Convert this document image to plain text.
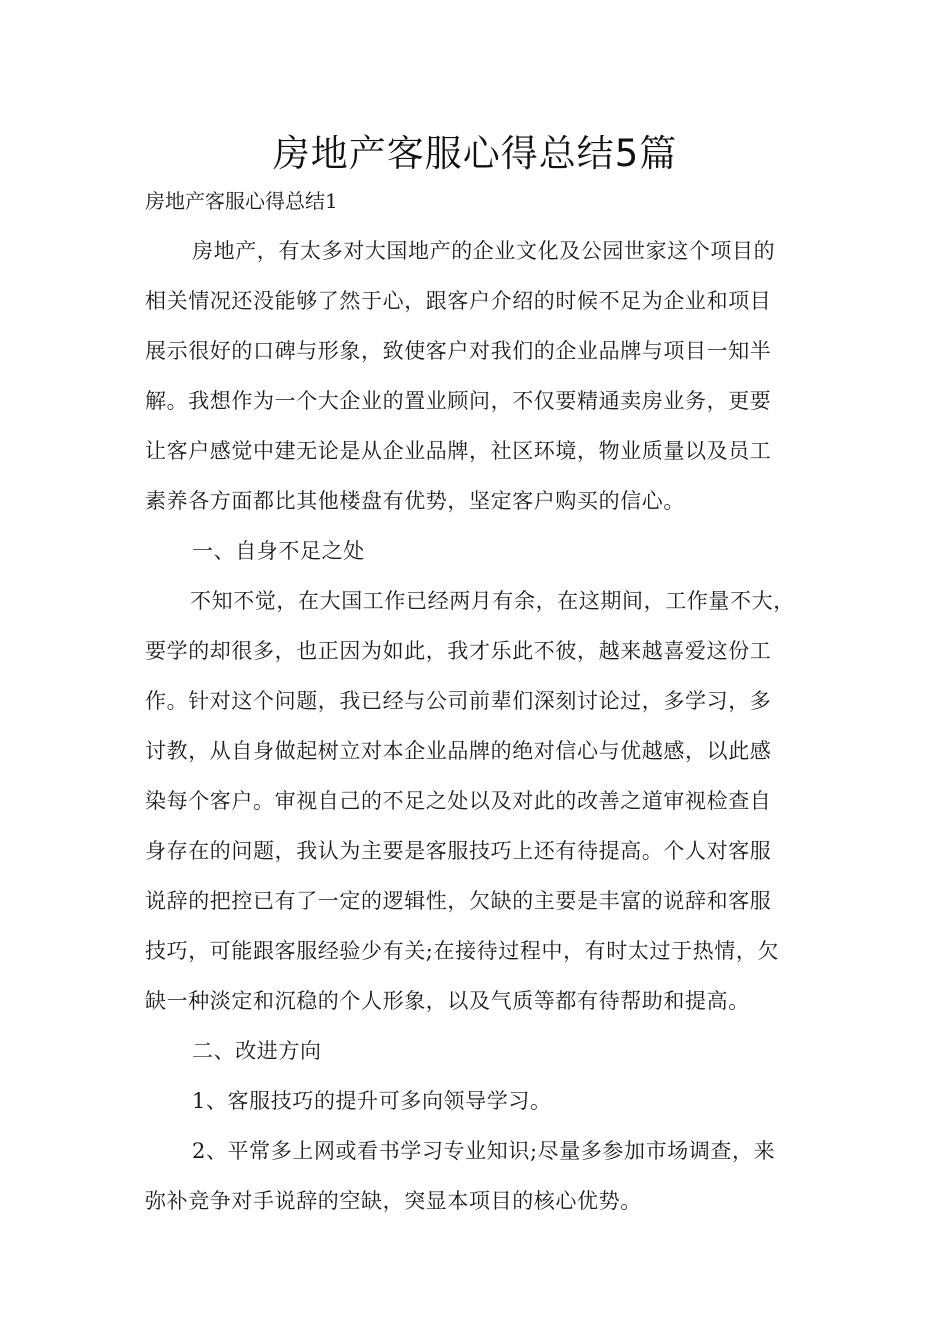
房地产客服心得总结5篇
房地产客服心得总结1
房地产，有太多对大国地产的企业文化及公园世家这个项目的
相关情况还没能够了然于心，跟客户介绍的时候不足为企业和项目
展示很好的口碑与形象，致使客户对我们的企业品牌与项目一知半
解。我想作为一个大企业的置业顾问，不仅要精通卖房业务，更要
让客户感觉中建无论是从企业品牌，社区环境，物业质量以及员工
素养各方面都比其他楼盘有优势，坚定客户购买的信心。
一、自身不足之处
不知不觉，在大国工作已经两月有余，在这期间，工作量不大，
要学的却很多，也正因为如此，我才乐此不彼，越来越喜爱这份工
作。针对这个问题，我已经与公司前辈们深刻讨论过，多学习，多
讨教，从自身做起树立对本企业品牌的绝对信心与优越感，以此感
染每个客户。审视自己的不足之处以及对此的改善之道审视检查自
身存在的问题，我认为主要是客服技巧上还有待提高。个人对客服
说辞的把控已有了一定的逻辑性，欠缺的主要是丰富的说辞和客服
技巧，可能跟客服经验少有关;在接待过程中，有时太过于热情，欠
缺一种淡定和沉稳的个人形象，以及气质等都有待帮助和提高。
二、改进方向
1、客服技巧的提升可多向领导学习。
2、平常多上网或看书学习专业知识;尽量多参加市场调查，来
弥补竞争对手说辞的空缺，突显本项目的核心优势。
